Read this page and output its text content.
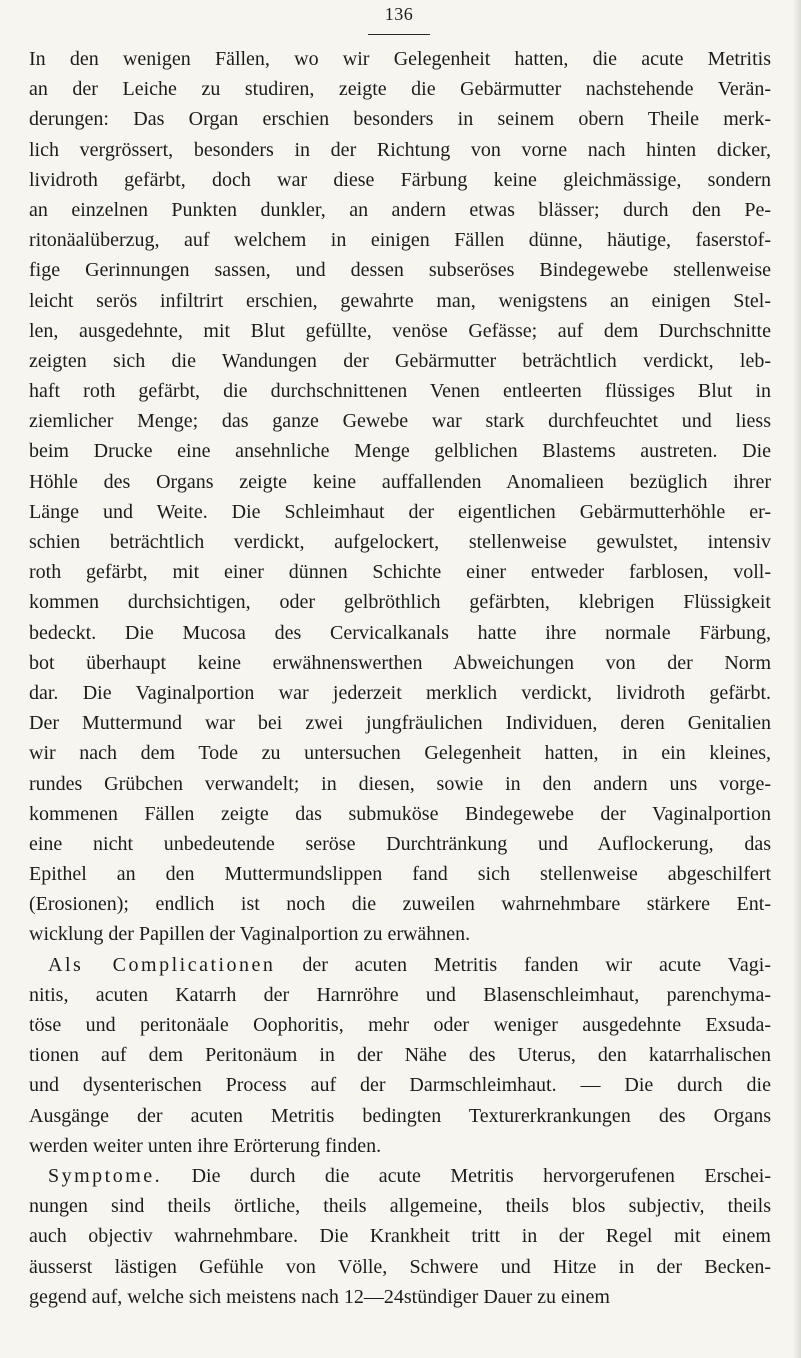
136
In den wenigen Fällen, wo wir Gelegenheit hatten, die acute Metritis
an der Leiche zu studiren, zeigte die Gebärmutter nachstehende Verän-
derungen: Das Organ erschien besonders in seinem obern Theile merk-
lich vergrössert, besonders in der Richtung von vorne nach hinten dicker,
lividroth gefärbt, doch war diese Färbung keine gleichmässige, sondern
an einzelnen Punkten dunkler, an andern etwas blässer; durch den Pe-
ritonäalüberzug, auf welchem in einigen Fällen dünne, häutige, faserstof-
fige Gerinnungen sassen, und dessen subseröses Bindegewebe stellenweise
leicht serös infiltrirt erschien, gewahrte man, wenigstens an einigen Stel-
len, ausgedehnte, mit Blut gefüllte, venöse Gefässe; auf dem Durchschnitte
zeigten sich die Wandungen der Gebärmutter beträchtlich verdickt, leb-
haft roth gefärbt, die durchschnittenen Venen entleerten flüssiges Blut in
ziemlicher Menge; das ganze Gewebe war stark durchfeuchtet und liess
beim Drucke eine ansehnliche Menge gelblichen Blastems austreten. Die
Höhle des Organs zeigte keine auffallenden Anomalieen bezüglich ihrer
Länge und Weite. Die Schleimhaut der eigentlichen Gebärmutterhöhle er-
schien beträchtlich verdickt, aufgelockert, stellenweise gewulstet, intensiv
roth gefärbt, mit einer dünnen Schichte einer entweder farblosen, voll-
kommen durchsichtigen, oder gelbröthlich gefärbten, klebrigen Flüssigkeit
bedeckt. Die Mucosa des Cervicalkanals hatte ihre normale Färbung,
bot überhaupt keine erwähnenswerthen Abweichungen von der Norm
dar. Die Vaginalportion war jederzeit merklich verdickt, lividroth gefärbt.
Der Muttermund war bei zwei jungfräulichen Individuen, deren Genitalien
wir nach dem Tode zu untersuchen Gelegenheit hatten, in ein kleines,
rundes Grübchen verwandelt; in diesen, sowie in den andern uns vorge-
kommenen Fällen zeigte das submuköse Bindegewebe der Vaginalportion
eine nicht unbedeutende seröse Durchtränkung und Auflockerung, das
Epithel an den Muttermundslippen fand sich stellenweise abgeschilfert
(Erosionen); endlich ist noch die zuweilen wahrnehmbare stärkere Ent-
wicklung der Papillen der Vaginalportion zu erwähnen.
Als Complicationen der acuten Metritis fanden wir acute Vagi-
nitis, acuten Katarrh der Harnröhre und Blasenschleimhaut, parenchyma-
töse und peritonäale Oophoritis, mehr oder weniger ausgedehnte Exsuda-
tionen auf dem Peritonäum in der Nähe des Uterus, den katarrhalischen
und dysenterischen Process auf der Darmschleimhaut. — Die durch die
Ausgänge der acuten Metritis bedingten Texturerkrankungen des Organs
werden weiter unten ihre Erörterung finden.
Symptome. Die durch die acute Metritis hervorgerufenen Erschei-
nungen sind theils örtliche, theils allgemeine, theils blos subjectiv, theils
auch objectiv wahrnehmbare. Die Krankheit tritt in der Regel mit einem
äusserst lästigen Gefühle von Völle, Schwere und Hitze in der Becken-
gegend auf, welche sich meistens nach 12—24stündiger Dauer zu einem
